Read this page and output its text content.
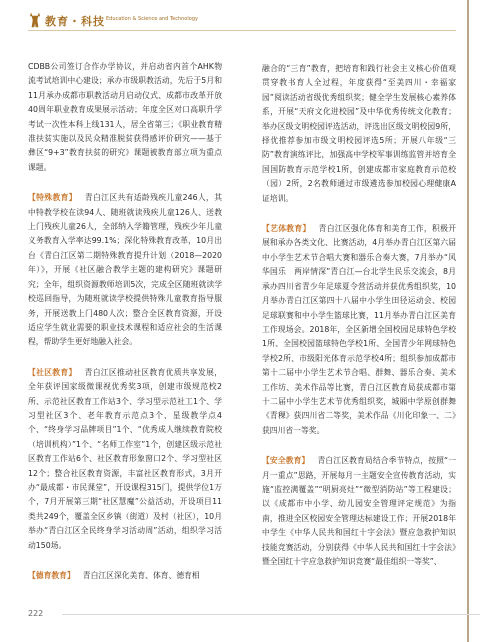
教育・科技 Education & Science and Technology

CDBB公司签订合作办学协议，并启动省内首个AHK物流考试培训中心建设；承办市级职教活动，先后于5月和11月承办成都市职教活动月启动仪式、成都市改革开放40周年职业教育成果展示活动；年度全区对口高职升学考试一次性本科上线131人，居全省第三；《职业教育精准扶贫实施以及民众精准脱贫获得感评价研究——基于彝区“9+3”教育扶贫的研究》课题被教育部立项为重点课题。

【特殊教育】 青白江区共有适龄残疾儿童246人，其中特教学校在读94人、随班就读残疾儿童126人、送教上门残疾儿童26人，全部纳入学籍管理，残疾少年儿童义务教育入学率达99.1%；深化特殊教育改革，10月出台《青白江区第二期特殊教育提升计划（2018—2020年）》，开展《社区融合教学主题的建构研究》课题研究；全年，组织资源教师培训5次，完成全区随班就读学校巡回指导，为随班就读学校提供特殊儿童教育指导服务，开展送教上门480人次；整合全区教育资源，开设适应学生就业需要的职业技术课程和适应社会的生活课程，帮助学生更好地融入社会。

【社区教育】 青白江区推动社区教育优质共享发展，全年获评国家级微课视优秀奖3项，创建市级规范校2所、示范社区教育工作站3个、学习型示范社工1个、学习型社区3个、老年教育示范点3个、星级教学点4个、“终身学习品牌项目”1个、“优秀成人继续教育院校（培训机构）”1个、“名师工作室”1个，创建区级示范社区教育工作站6个、社区教育形象窗口2个、学习型社区12个；整合社区教育资源，丰富社区教育形式，3月开办“最成都・市民课堂”，开设课程315门，提供学位1万个，7月开展第三期“社区慧魔”公益活动，开设项目11类共249个，覆盖全区乡镇（街道）及村（社区），10月举办“青白江区全民终身学习活动周”活动，组织学习活动150场。

【德育教育】 青白江区深化美育、体育、德育相

融合的“三育”教育，把培育和践行社会主义核心价值观贯穿教书育人全过程，年度获得“至美四川・幸福家园”阅读活动省级优秀组织奖；健全学生发展核心素养体系，开展“天府文化进校园”及中华优秀传统文化教育；举办区级文明校园评选活动，评选出区级文明校园9所，择优推荐参加市级文明校园评选5所；开展八年级“三防”教育演练评比，加强高中学校军事训练监管并培育全国国防教育示范学校1所，创建成都市家庭教育示范校（园）2所，2名教师通过市级遴选参加校园心理健康A证培训。

【艺体教育】 青白江区强化体育和美育工作，积极开展和承办各类文化、比赛活动，4月举办青白江区第六届中小学生艺术节合唱大赛和器乐合奏大赛，7月举办“风华国乐　两岸情深”青白江—台北学生民乐交流会，8月承办四川省青少年足球夏令营活动并获优秀组织奖，10月举办青白江区第四十八届中小学生田径运动会、校园足球联赛和中小学生篮球比赛，11月举办青白江区美育工作现场会。2018年，全区新增全国校园足球特色学校1所、全国校园篮球特色学校1所、全国青少年网球特色学校2所、市级阳光体育示范学校4所；组织参加成都市第十二届中小学生艺术节合唱、群舞、器乐合奏、美术工作坊、美术作品等比赛，青白江区教育局获成都市第十二届中小学生艺术节优秀组织奖，城厢中学原创群舞《青稞》获四川省二等奖，美术作品《川化印象一、二》获四川省一等奖。

【安全教育】 青白江区教育局结合季节特点，按照“一月一重点”思路，开展每月一主题安全宣传教育活动，实施“监控满覆盖”“明厨亮灶”“微型消防站”等工程建设；以《成都市中小学、幼儿园安全管理评定规范》为指南，推进全区校园安全管理达标建设工作；开展2018年中学生《中华人民共和国红十字会法》暨应急救护知识技能竞赛活动，分别获得《中华人民共和国红十字会法》暨全国红十字应急救护知识竞赛“最佳组织一等奖”、

222
